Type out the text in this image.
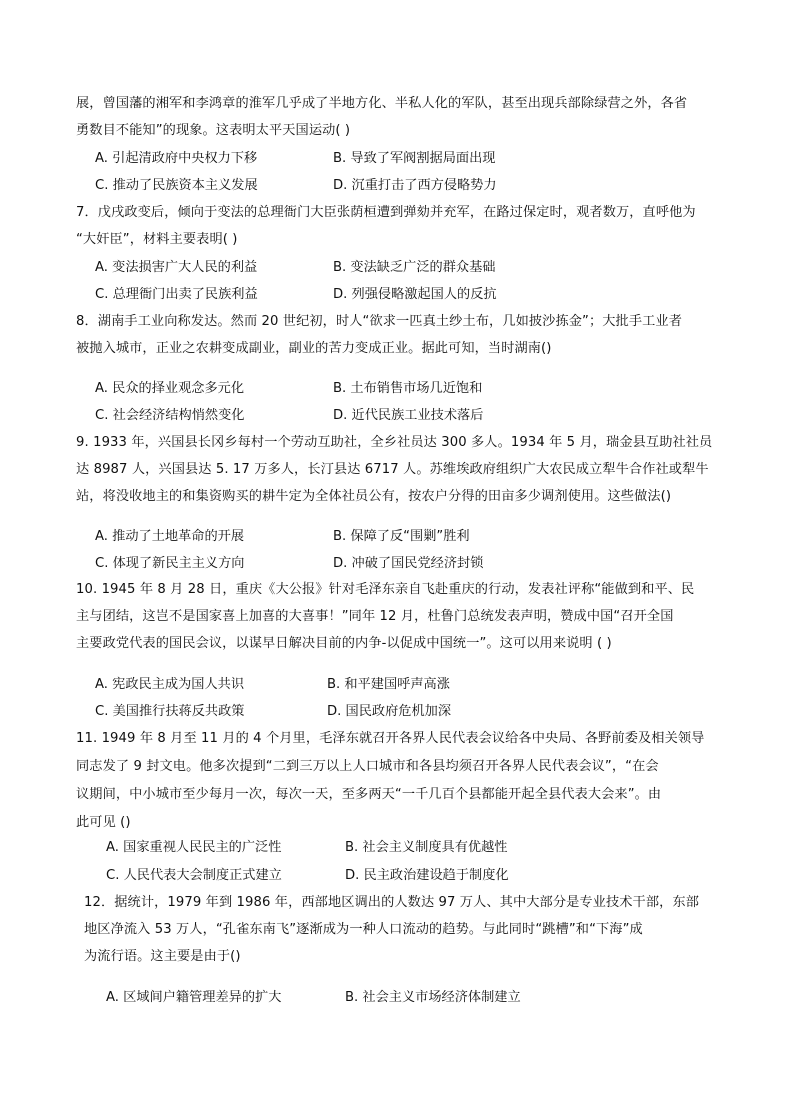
展，曾国藩的湘军和李鸿章的淮军几乎成了半地方化、半私人化的军队，甚至出现兵部除绿营之外，各省
勇数目不能知”的现象。这表明太平天国运动( )
A. 引起清政府中央权力下移	B. 导致了军阀割据局面出现
C. 推动了民族资本主义发展	D. 沉重打击了西方侵略势力
7．戊戌政变后，倾向于变法的总理衙门大臣张荫桓遭到弹劾并充军，在路过保定时，观者数万，直呼他为
“大奸臣”，材料主要表明( )
A. 变法损害广大人民的利益	B. 变法缺乏广泛的群众基础
C. 总理衙门出卖了民族利益	D. 列强侵略激起国人的反抗
8．湖南手工业向称发达。然而 20 世纪初，时人“欲求一匹真土纱土布，几如披沙拣金”；大批手工业者
被抛入城市，正业之农耕变成副业，副业的苦力变成正业。据此可知，当时湖南()
A. 民众的择业观念多元化	B. 土布销售市场几近饱和
C. 社会经济结构悄然变化	D. 近代民族工业技术落后
9. 1933 年，兴国县长冈乡每村一个劳动互助社，全乡社员达 300 多人。1934 年 5 月，瑞金县互助社社员
达 8987 人，兴国县达 5. 17 万多人，长汀县达 6717 人。苏维埃政府组织广大农民成立犁牛合作社或犁牛
站，将没收地主的和集资购买的耕牛定为全体社员公有，按农户分得的田亩多少调剂使用。这些做法()
A. 推动了土地革命的开展	B. 保障了反“围剿”胜利
C. 体现了新民主主义方向	D. 冲破了国民党经济封锁
10. 1945 年 8 月 28 日，重庆《大公报》针对毛泽东亲自飞赴重庆的行动，发表社评称“能做到和平、民
主与团结，这岂不是国家喜上加喜的大喜事！”同年 12 月，杜鲁门总统发表声明，赞成中国“召开全国
主要政党代表的国民会议，以谋早日解决目前的内争-以促成中国统一”。这可以用来说明 ( )
A. 宪政民主成为国人共识	B. 和平建国呼声高涨
C. 美国推行扶蒋反共政策	D. 国民政府危机加深
11. 1949 年 8 月至 11 月的 4 个月里，毛泽东就召开各界人民代表会议给各中央局、各野前委及相关领导
同志发了 9 封文电。他多次提到“二到三万以上人口城市和各县均须召开各界人民代表会议”，“在会
议期间，中小城市至少每月一次，每次一天，至多两天“一千几百个县都能开起全县代表大会来”。由
此可见 ()
A. 国家重视人民民主的广泛性	B. 社会主义制度具有优越性
C. 人民代表大会制度正式建立	D. 民主政治建设趋于制度化
12．据统计，1979 年到 1986 年，西部地区调出的人数达 97 万人、其中大部分是专业技术干部，东部
地区净流入 53 万人，“孔雀东南飞”逐渐成为一种人口流动的趋势。与此同时“跳槽”和“下海”成
为流行语。这主要是由于()
A. 区域间户籍管理差异的扩大	B. 社会主义市场经济体制建立
